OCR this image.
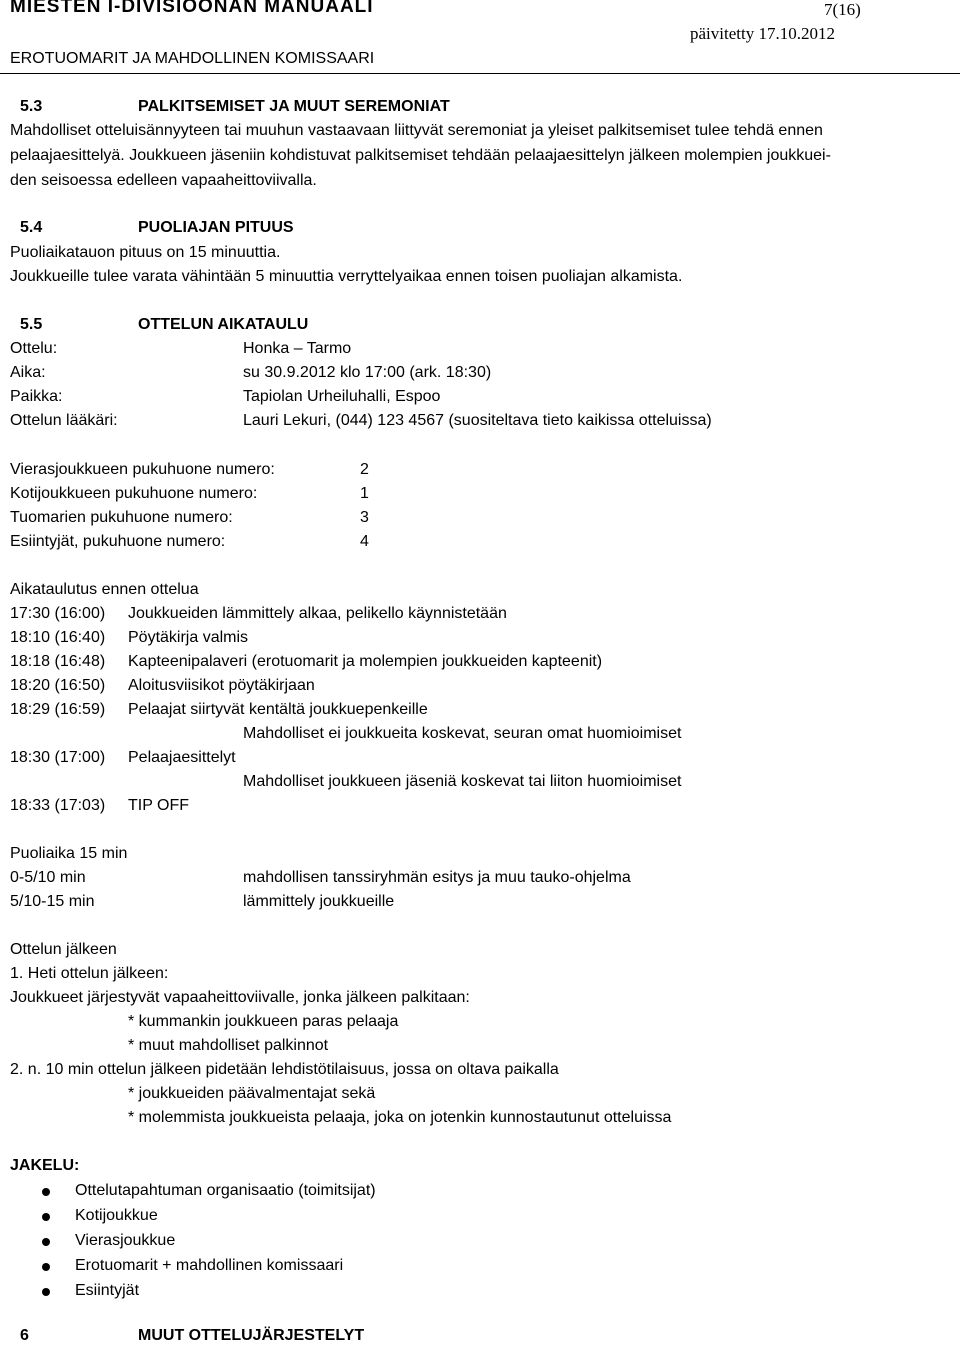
MIESTEN I-DIVISIOONAN MANUAALI	7(16)
päivitetty 17.10.2012
EROTUOMARIT JA MAHDOLLINEN KOMISSAARI
5.3	PALKITSEMISET JA MUUT SEREMONIAT
Mahdolliset otteluisännyyteen tai muuhun vastaavaan liittyvät seremoniat ja yleiset palkitsemiset tulee tehdä ennen
pelaajaesittelyä. Joukkueen jäseniin kohdistuvat palkitsemiset tehdään pelaajaesittelyn jälkeen molempien joukkuei-
den seisoessa edelleen vapaaheittoviivalla.
5.4	PUOLIAJAN PITUUS
Puoliaikatauon pituus on 15 minuuttia.
Joukkueille tulee varata vähintään 5 minuuttia verryttelyaikaa ennen toisen puoliajan alkamista.
5.5	OTTELUN AIKATAULU
Ottelu:	Honka – Tarmo
Aika:	su 30.9.2012 klo 17:00 (ark. 18:30)
Paikka:	Tapiolan Urheiluhalli, Espoo
Ottelun lääkäri:	Lauri Lekuri, (044) 123 4567 (suositeltava tieto kaikissa otteluissa)
Vierasjoukkueen pukuhuone numero:	2
Kotijoukkueen pukuhuone numero:	1
Tuomarien pukuhuone numero:	3
Esiintyjät, pukuhuone numero:	4
Aikataulutus ennen ottelua
17:30 (16:00) Joukkueiden lämmittely alkaa, pelikello käynnistetään
18:10 (16:40) Pöytäkirja valmis
18:18 (16:48) Kapteenipalaveri (erotuomarit ja molempien joukkueiden kapteenit)
18:20 (16:50) Aloitusviisikot pöytäkirjaan
18:29 (16:59) Pelaajat siirtyvät kentältä joukkuepenkeille
Mahdolliset ei joukkueita koskevat, seuran omat huomioimiset
18:30 (17:00) Pelaajaesittelyt
Mahdolliset joukkueen jäseniä koskevat tai liiton huomioimiset
18:33 (17:03) TIP OFF
Puoliaika 15 min
0-5/10 min	mahdollisen tanssiryhmän esitys ja muu tauko-ohjelma
5/10-15 min	lämmittely joukkueille
Ottelun jälkeen
1. Heti ottelun jälkeen:
Joukkueet järjestyvät vapaaheittoviivalle, jonka jälkeen palkitaan:
* kummankin joukkueen paras pelaaja
* muut mahdolliset palkinnot
2. n. 10 min ottelun jälkeen pidetään lehdistötilaisuus, jossa on oltava paikalla
* joukkueiden päävalmentajat sekä
* molemmista joukkueista pelaaja, joka on jotenkin kunnostautunut otteluissa
JAKELU:
Ottelutapahtuman organisaatio (toimitsijat)
Kotijoukkue
Vierasjoukkue
Erotuomarit + mahdollinen komissaari
Esiintyjät
6	MUUT OTTELUJÄRJESTELYT
